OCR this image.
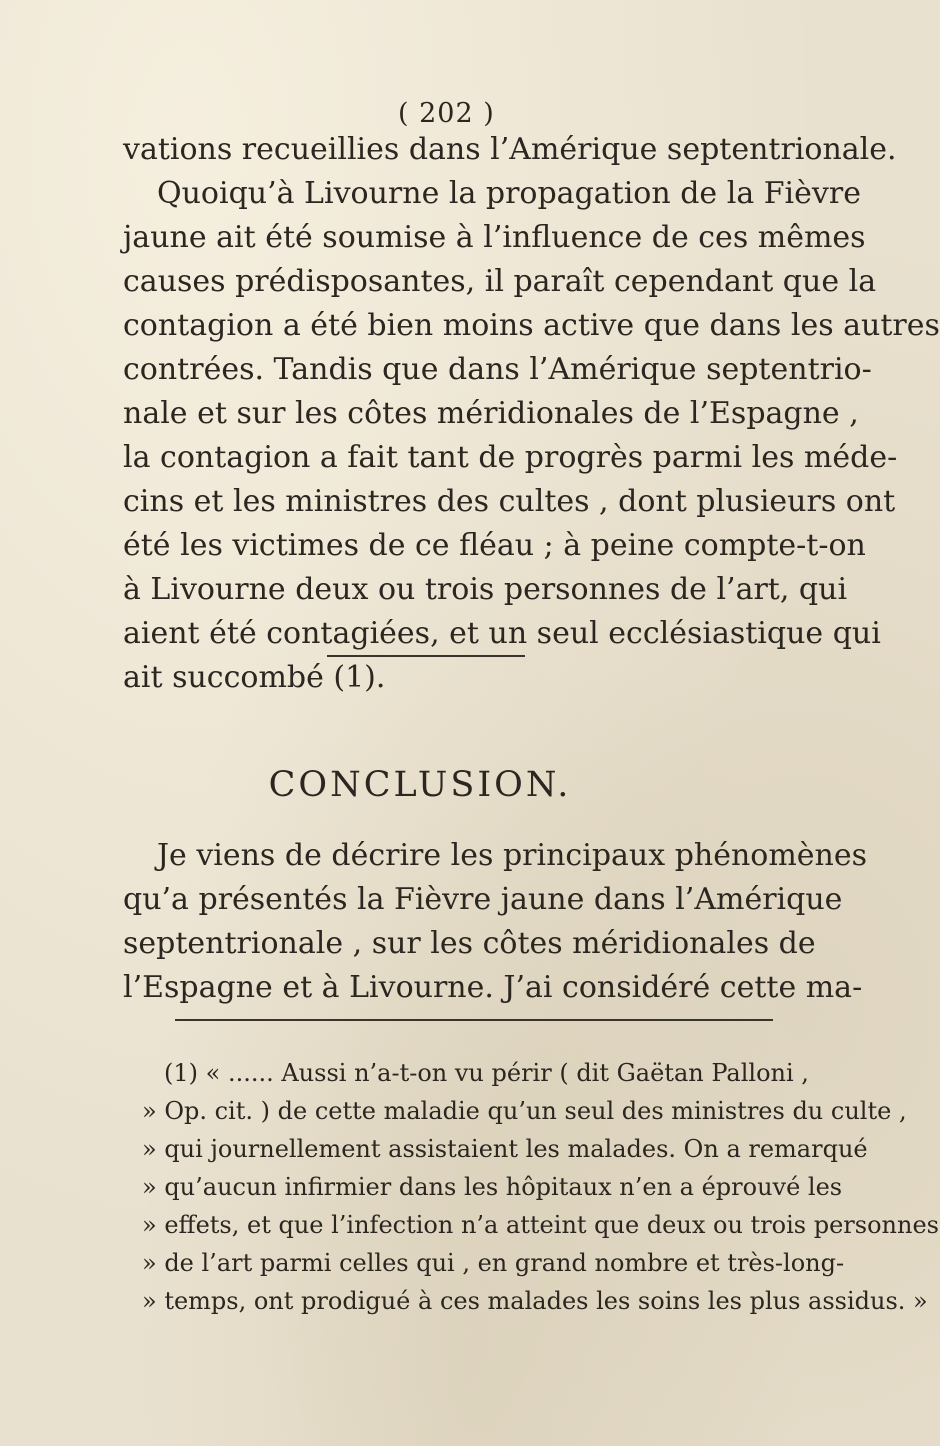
( 202 )
vations recueillies dans l’Amérique septentrionale.
Quoiqu’à Livourne la propagation de la Fièvre
jaune ait été soumise à l’influence de ces mêmes
causes prédisposantes, il paraît cependant que la
contagion a été bien moins active que dans les autres
contrées. Tandis que dans l’Amérique septentrio-
nale et sur les côtes méridionales de l’Espagne ,
la contagion a fait tant de progrès parmi les méde-
cins et les ministres des cultes , dont plusieurs ont
été les victimes de ce fléau ; à peine compte-t-on
à Livourne deux ou trois personnes de l’art, qui
aient été contagiées, et un seul ecclésiastique qui
ait succombé (1).
CONCLUSION.
Je viens de décrire les principaux phénomènes
qu’a présentés la Fièvre jaune dans l’Amérique
septentrionale , sur les côtes méridionales de
l’Espagne et à Livourne. J’ai considéré cette ma-
(1) « ...... Aussi n’a-t-on vu périr ( dit Gaëtan Palloni ,
» Op. cit. ) de cette maladie qu’un seul des ministres du culte ,
» qui journellement assistaient les malades. On a remarqué
» qu’aucun infirmier dans les hôpitaux n’en a éprouvé les
» effets, et que l’infection n’a atteint que deux ou trois personnes
» de l’art parmi celles qui , en grand nombre et très-long-
» temps, ont prodigué à ces malades les soins les plus assidus. »
